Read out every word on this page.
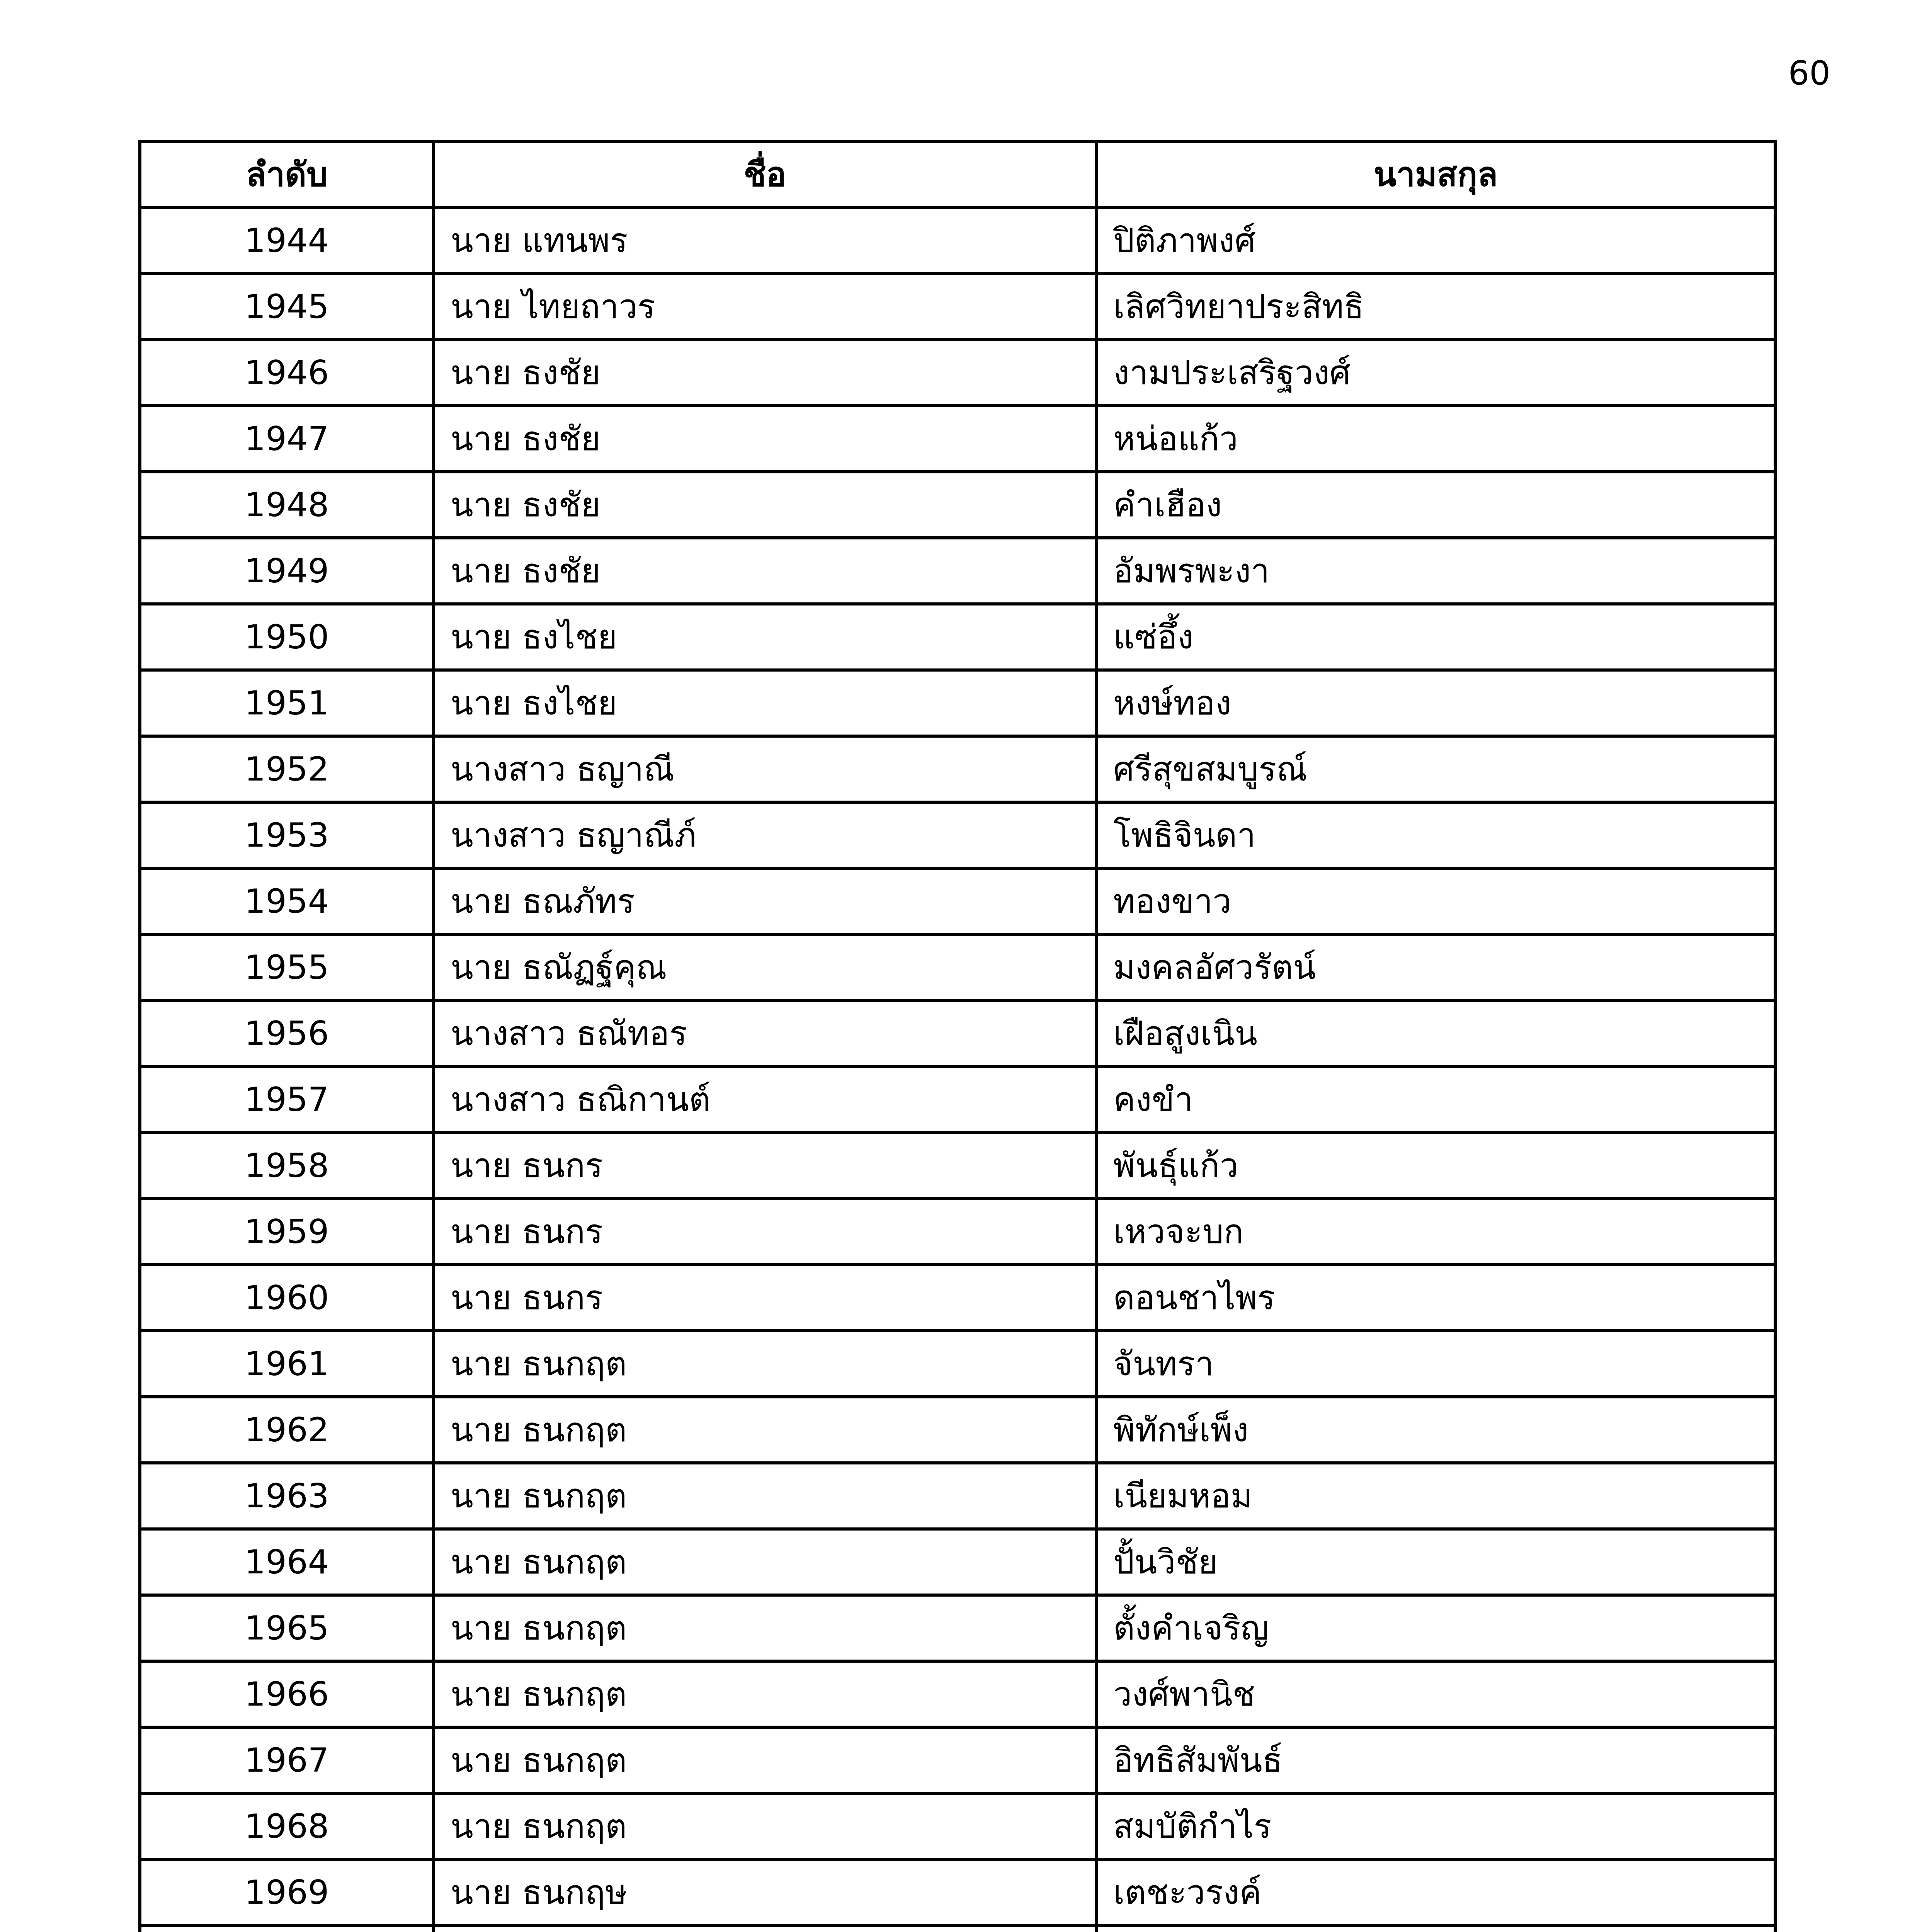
60
ลำดับ	ชื่อ	นามสกุล
1944	นาย แทนพร	ปิติภาพงศ์
1945	นาย ไทยถาวร	เลิศวิทยาประสิทธิ
1946	นาย ธงชัย	งามประเสริฐวงศ์
1947	นาย ธงชัย	หน่อแก้ว
1948	นาย ธงชัย	คำเฮือง
1949	นาย ธงชัย	อัมพรพะงา
1950	นาย ธงไชย	แซ่อึ้ง
1951	นาย ธงไชย	หงษ์ทอง
1952	นางสาว ธญาณี	ศรีสุขสมบูรณ์
1953	นางสาว ธญาณีภ์	โพธิจินดา
1954	นาย ธณภัทร	ทองขาว
1955	นาย ธณัฏฐ์คุณ	มงคลอัศวรัตน์
1956	นางสาว ธณัทอร	เฝือสูงเนิน
1957	นางสาว ธณิกานต์	คงขำ
1958	นาย ธนกร	พันธุ์แก้ว
1959	นาย ธนกร	เหวจะบก
1960	นาย ธนกร	ดอนชาไพร
1961	นาย ธนกฤต	จันทรา
1962	นาย ธนกฤต	พิทักษ์เพ็ง
1963	นาย ธนกฤต	เนียมหอม
1964	นาย ธนกฤต	ปั้นวิชัย
1965	นาย ธนกฤต	ตั้งคำเจริญ
1966	นาย ธนกฤต	วงศ์พานิช
1967	นาย ธนกฤต	อิทธิสัมพันธ์
1968	นาย ธนกฤต	สมบัติกำไร
1969	นาย ธนกฤษ	เตชะวรงค์
